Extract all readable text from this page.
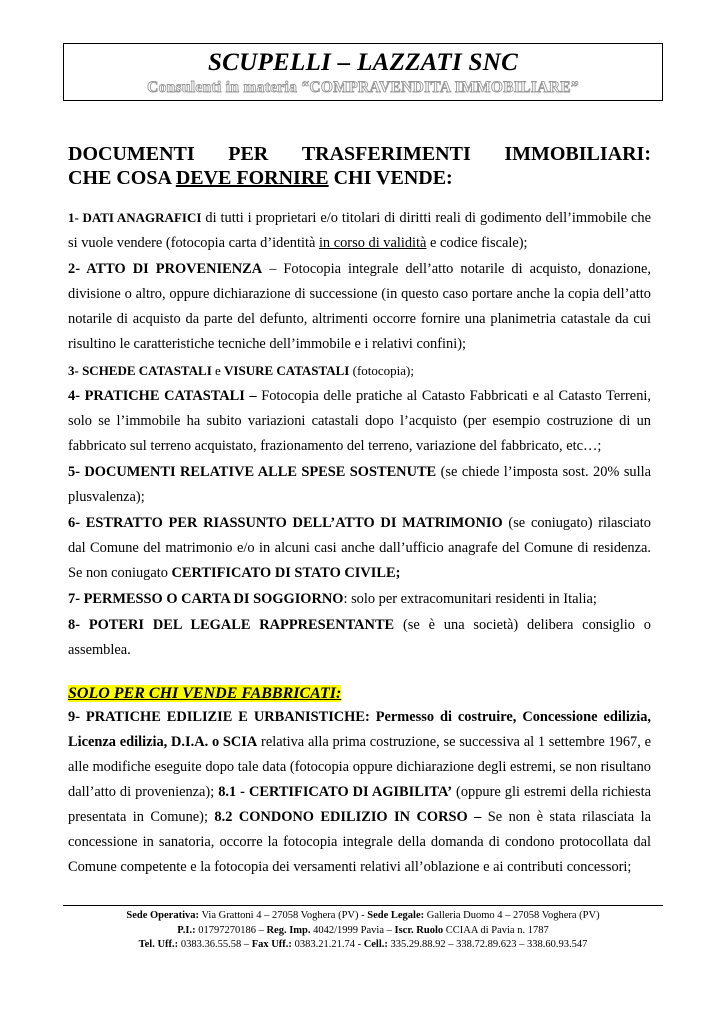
SCUPELLI – LAZZATI SNC
Consulenti in materia “COMPRAVENDITA IMMOBILIARE”
DOCUMENTI PER TRASFERIMENTI IMMOBILIARI:
CHE COSA DEVE FORNIRE CHI VENDE:

1- DATI ANAGRAFICI di tutti i proprietari e/o titolari di diritti reali di godimento dell’immobile che si vuole vendere (fotocopia carta d’identità in corso di validità e codice fiscale);

2- ATTO DI PROVENIENZA – Fotocopia integrale dell’atto notarile di acquisto, donazione, divisione o altro, oppure dichiarazione di successione (in questo caso portare anche la copia dell’atto notarile di acquisto da parte del defunto, altrimenti occorre fornire una planimetria catastale da cui risultino le caratteristiche tecniche dell’immobile e i relativi confini);

3- SCHEDE CATASTALI e VISURE CATASTALI (fotocopia);

4- PRATICHE CATASTALI – Fotocopia delle pratiche al Catasto Fabbricati e al Catasto Terreni, solo se l’immobile ha subito variazioni catastali dopo l’acquisto (per esempio costruzione di un fabbricato sul terreno acquistato, frazionamento del terreno, variazione del fabbricato, etc…;

5- DOCUMENTI RELATIVE ALLE SPESE SOSTENUTE (se chiede l’imposta sost. 20% sulla plusvalenza);

6- ESTRATTO PER RIASSUNTO DELL’ATTO DI MATRIMONIO (se coniugato) rilasciato dal Comune del matrimonio e/o in alcuni casi anche dall’ufficio anagrafe del Comune di residenza. Se non coniugato CERTIFICATO DI STATO CIVILE;

7- PERMESSO O CARTA DI SOGGIORNO: solo per extracomunitari residenti in Italia;

8- POTERI DEL LEGALE RAPPRESENTANTE (se è una società) delibera consiglio o assemblea.

SOLO PER CHI VENDE FABBRICATI:

9- PRATICHE EDILIZIE E URBANISTICHE: Permesso di costruire, Concessione edilizia, Licenza edilizia, D.I.A. o SCIA relativa alla prima costruzione, se successiva al 1 settembre 1967, e alle modifiche eseguite dopo tale data (fotocopia oppure dichiarazione degli estremi, se non risultano dall’atto di provenienza); 8.1 - CERTIFICATO DI AGIBILITA’ (oppure gli estremi della richiesta presentata in Comune); 8.2 CONDONO EDILIZIO IN CORSO – Se non è stata rilasciata la concessione in sanatoria, occorre la fotocopia integrale della domanda di condono protocollata dal Comune competente e la fotocopia dei versamenti relativi all’oblazione e ai contributi concessori;

Sede Operativa: Via Grattoni 4 – 27058 Voghera (PV) - Sede Legale: Galleria Duomo 4 – 27058 Voghera (PV)
P.I.: 01797270186 – Reg. Imp. 4042/1999 Pavia – Iscr. Ruolo CCIAA di Pavia n. 1787
Tel. Uff.: 0383.36.55.58 – Fax Uff.: 0383.21.21.74 - Cell.: 335.29.88.92 – 338.72.89.623 – 338.60.93.547
